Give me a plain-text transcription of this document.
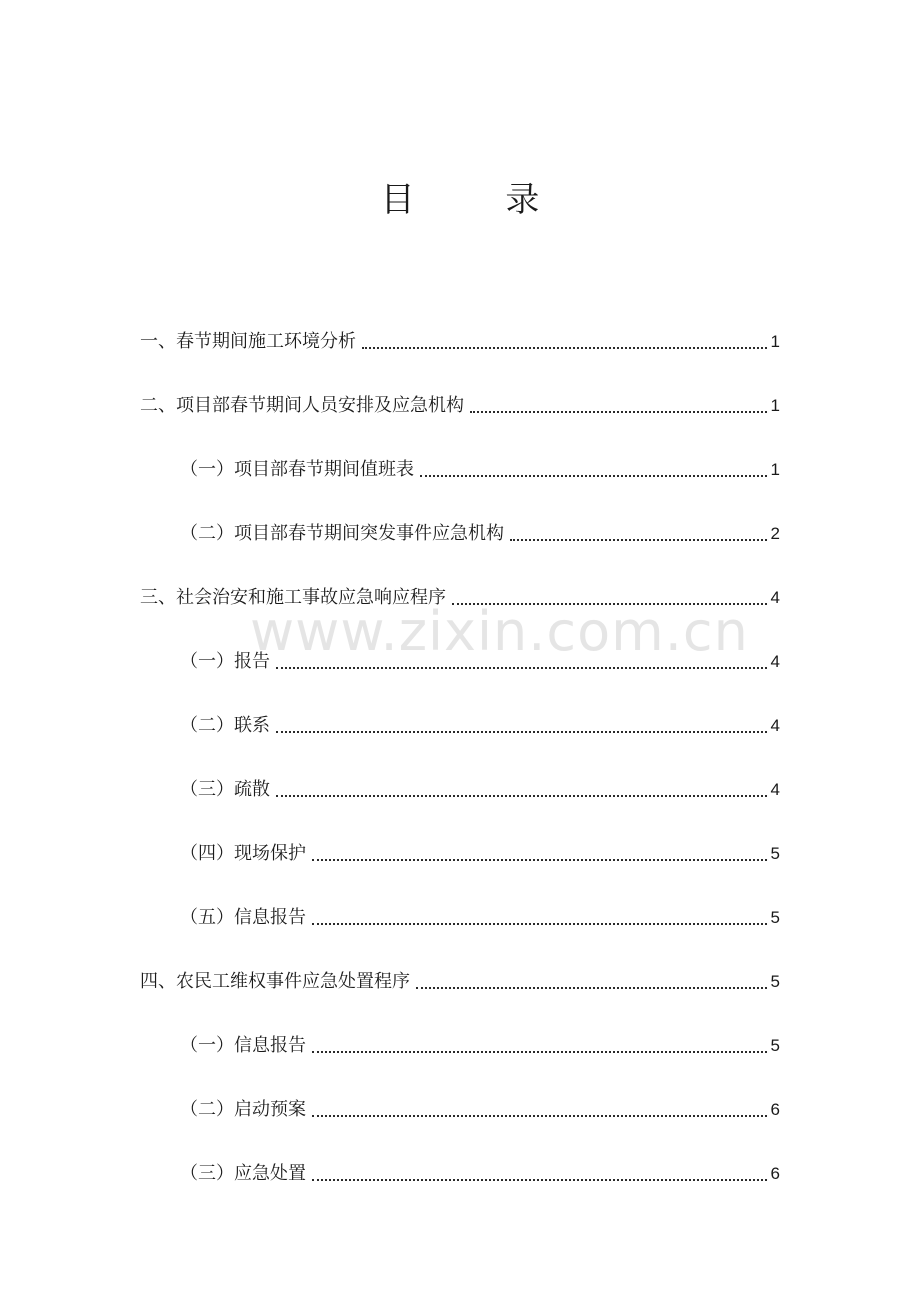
目 录
www.zixin.com.cn
一、春节期间施工环境分析	1
二、项目部春节期间人员安排及应急机构	1
（一）项目部春节期间值班表	1
（二）项目部春节期间突发事件应急机构	2
三、社会治安和施工事故应急响应程序	4
（一）报告	4
（二）联系	4
（三）疏散	4
（四）现场保护	5
（五）信息报告	5
四、农民工维权事件应急处置程序	5
（一）信息报告	5
（二）启动预案	6
（三）应急处置	6
